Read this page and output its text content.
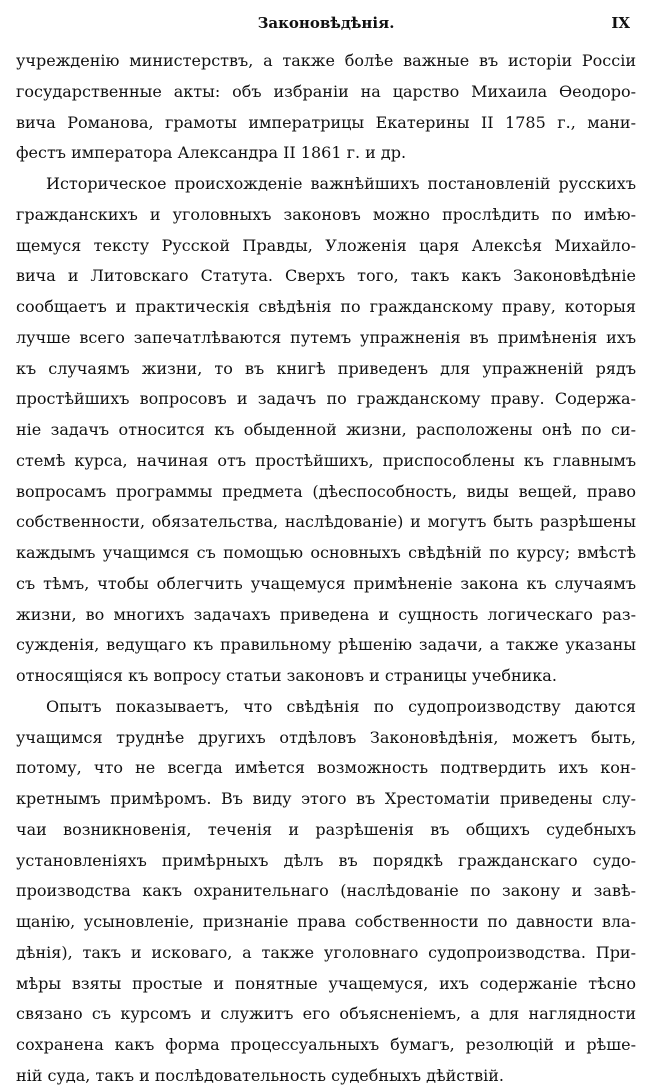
Законовѣдѣнія.	IX
учрежденію министерствъ, а также болѣе важные въ исторіи Россіи
государственные акты: объ избраніи на царство Михаила Ѳеодоро-
вича Романова, грамоты императрицы Екатерины II 1785 г., мани-
фестъ императора Александра II 1861 г. и др.
Историческое происхожденіе важнѣйшихъ постановленій русскихъ
гражданскихъ и уголовныхъ законовъ можно прослѣдить по имѣю-
щемуся тексту Русской Правды, Уложенія царя Алексѣя Михайло-
вича и Литовскаго Статута. Сверхъ того, такъ какъ Законовѣдѣніе
сообщаетъ и практическія свѣдѣнія по гражданскому праву, которыя
лучше всего запечатлѣваются путемъ упражненія въ примѣненія ихъ
къ случаямъ жизни, то въ книгѣ приведенъ для упражненій рядъ
простѣйшихъ вопросовъ и задачъ по гражданскому праву. Содержа-
ніе задачъ относится къ обыденной жизни, расположены онѣ по си-
стемѣ курса, начиная отъ простѣйшихъ, приспособлены къ главнымъ
вопросамъ программы предмета (дѣеспособность, виды вещей, право
собственности, обязательства, наслѣдованіе) и могутъ быть разрѣшены
каждымъ учащимся съ помощью основныхъ свѣдѣній по курсу; вмѣстѣ
съ тѣмъ, чтобы облегчить учащемуся примѣненіе закона къ случаямъ
жизни, во многихъ задачахъ приведена и сущность логическаго раз-
сужденія, ведущаго къ правильному рѣшенію задачи, а также указаны
относящіяся къ вопросу статьи законовъ и страницы учебника.
Опытъ показываетъ, что свѣдѣнія по судопроизводству даются
учащимся труднѣе другихъ отдѣловъ Законовѣдѣнія, можетъ быть,
потому, что не всегда имѣется возможность подтвердить ихъ кон-
кретнымъ примѣромъ. Въ виду этого въ Хрестоматіи приведены слу-
чаи возникновенія, теченія и разрѣшенія въ общихъ судебныхъ
установленіяхъ примѣрныхъ дѣлъ въ порядкѣ гражданскаго судо-
производства какъ охранительнаго (наслѣдованіе по закону и завѣ-
щанію, усыновленіе, признаніе права собственности по давности вла-
дѣнія), такъ и исковаго, а также уголовнаго судопроизводства. При-
мѣры взяты простые и понятные учащемуся, ихъ содержаніе тѣсно
связано съ курсомъ и служитъ его объясненіемъ, а для наглядности
сохранена какъ форма процессуальныхъ бумагъ, резолюцій и рѣше-
ній суда, такъ и послѣдовательность судебныхъ дѣйствій.
